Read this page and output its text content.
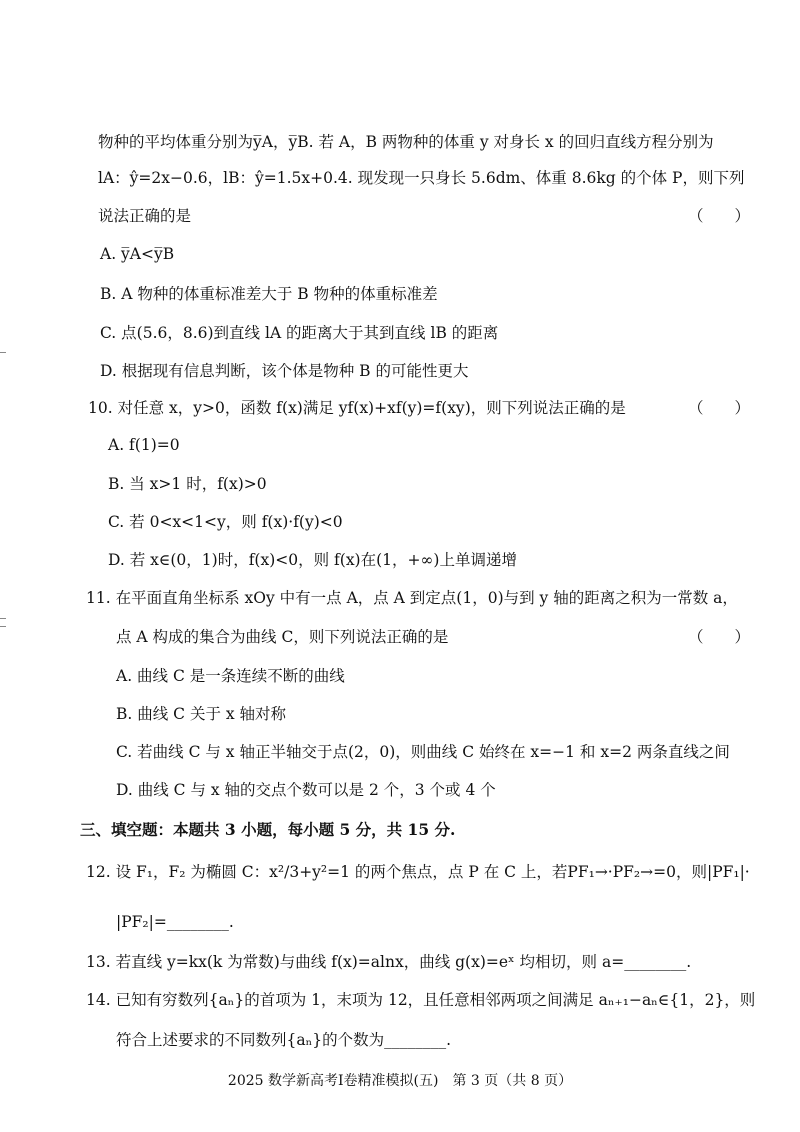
物种的平均体重分别为y̅A，y̅B. 若 A，B 两物种的体重 y 对身长 x 的回归直线方程分别为
lA：ŷ=2x−0.6，lB：ŷ=1.5x+0.4. 现发现一只身长 5.6dm、体重 8.6kg 的个体 P，则下列
说法正确的是	（　　）
A. y̅A<y̅B
B. A 物种的体重标准差大于 B 物种的体重标准差
C. 点(5.6，8.6)到直线 lA 的距离大于其到直线 lB 的距离
D. 根据现有信息判断，该个体是物种 B 的可能性更大
10. 对任意 x，y>0，函数 f(x)满足 yf(x)+xf(y)=f(xy)，则下列说法正确的是	（　　）
A. f(1)=0
B. 当 x>1 时，f(x)>0
C. 若 0<x<1<y，则 f(x)·f(y)<0
D. 若 x∈(0，1)时，f(x)<0，则 f(x)在(1，+∞)上单调递增
11. 在平面直角坐标系 xOy 中有一点 A，点 A 到定点(1，0)与到 y 轴的距离之积为一常数 a，
点 A 构成的集合为曲线 C，则下列说法正确的是	（　　）
A. 曲线 C 是一条连续不断的曲线
B. 曲线 C 关于 x 轴对称
C. 若曲线 C 与 x 轴正半轴交于点(2，0)，则曲线 C 始终在 x=−1 和 x=2 两条直线之间
D. 曲线 C 与 x 轴的交点个数可以是 2 个，3 个或 4 个
三、填空题：本题共 3 小题，每小题 5 分，共 15 分.
12. 设 F₁，F₂ 为椭圆 C：x²/3+y²=1 的两个焦点，点 P 在 C 上，若PF₁→·PF₂→=0，则|PF₁|·
|PF₂|=________.
13. 若直线 y=kx(k 为常数)与曲线 f(x)=alnx，曲线 g(x)=eˣ 均相切，则 a=________.
14. 已知有穷数列{aₙ}的首项为 1，末项为 12，且任意相邻两项之间满足 aₙ₊₁−aₙ∈{1，2}，则
符合上述要求的不同数列{aₙ}的个数为________.
2025 数学新高考Ⅰ卷精准模拟(五)　第 3 页（共 8 页）
